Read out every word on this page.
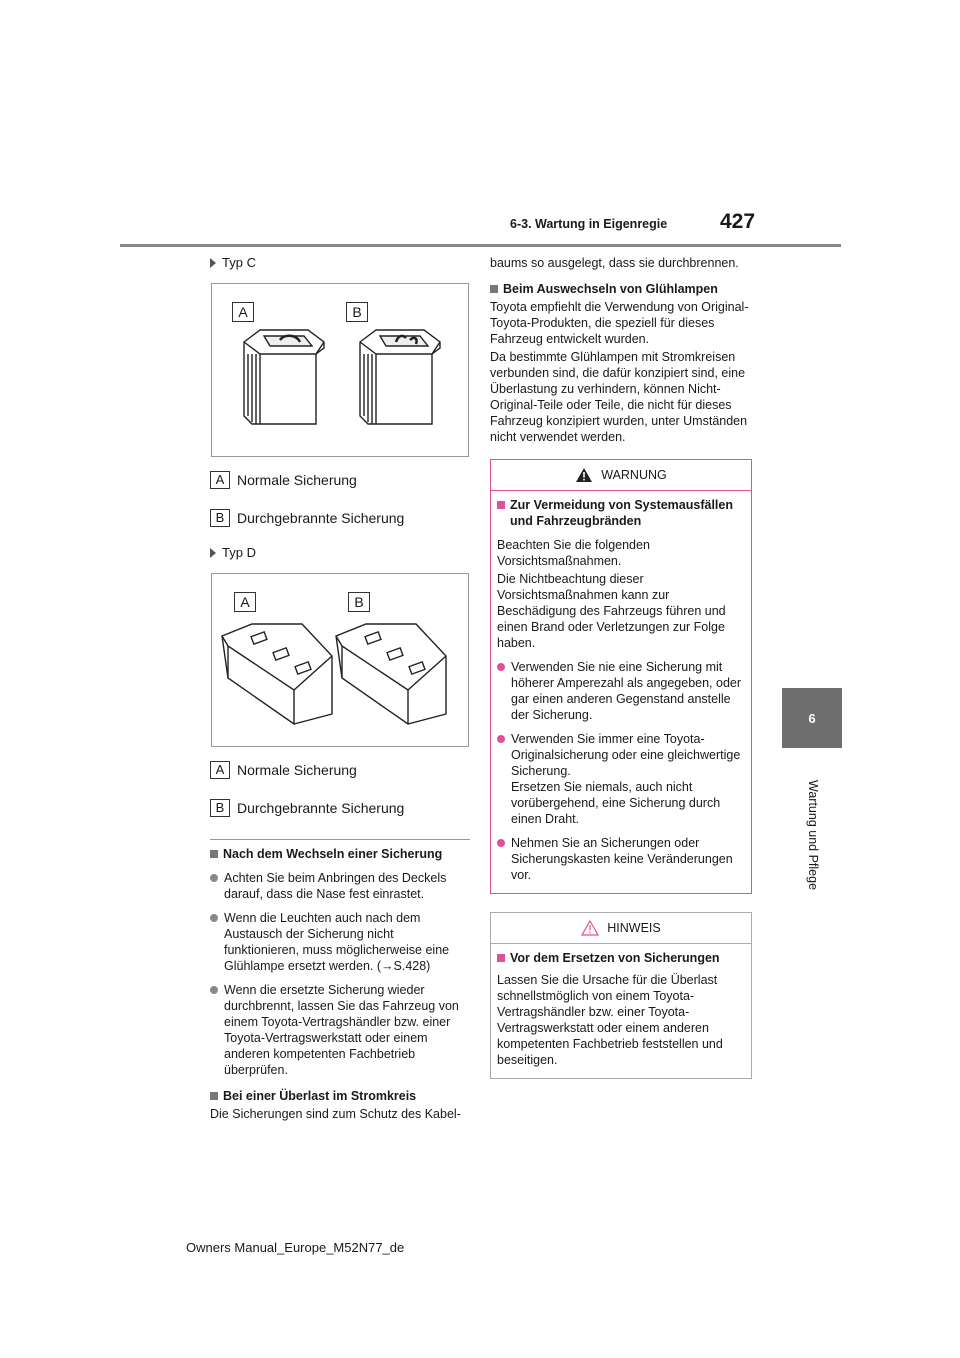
6-3. Wartung in Eigenregie	427
6
Wartung und Pflege
Typ C
A	B
A Normale Sicherung
B Durchgebrannte Sicherung
Typ D
A	B
A Normale Sicherung
B Durchgebrannte Sicherung
Nach dem Wechseln einer Sicherung
Achten Sie beim Anbringen des Deckels darauf, dass die Nase fest einrastet.
Wenn die Leuchten auch nach dem Austausch der Sicherung nicht funktionieren, muss möglicherweise eine Glühlampe ersetzt werden. (→S.428)
Wenn die ersetzte Sicherung wieder durchbrennt, lassen Sie das Fahrzeug von einem Toyota-Vertragshändler bzw. einer Toyota-Vertragswerkstatt oder einem anderen kompetenten Fachbetrieb überprüfen.
Bei einer Überlast im Stromkreis
Die Sicherungen sind zum Schutz des Kabel-
baums so ausgelegt, dass sie durchbrennen.
Beim Auswechseln von Glühlampen
Toyota empfiehlt die Verwendung von Original-Toyota-Produkten, die speziell für dieses Fahrzeug entwickelt wurden.
Da bestimmte Glühlampen mit Stromkreisen verbunden sind, die dafür konzipiert sind, eine Überlastung zu verhindern, können Nicht-Original-Teile oder Teile, die nicht für dieses Fahrzeug konzipiert wurden, unter Umständen nicht verwendet werden.
WARNUNG
Zur Vermeidung von Systemausfällen und Fahrzeugbränden
Beachten Sie die folgenden Vorsichtsmaßnahmen.
Die Nichtbeachtung dieser Vorsichtsmaßnahmen kann zur Beschädigung des Fahrzeugs führen und einen Brand oder Verletzungen zur Folge haben.
Verwenden Sie nie eine Sicherung mit höherer Amperezahl als angegeben, oder gar einen anderen Gegenstand anstelle der Sicherung.
Verwenden Sie immer eine Toyota-Originalsicherung oder eine gleichwertige Sicherung.
Ersetzen Sie niemals, auch nicht vorübergehend, eine Sicherung durch einen Draht.
Nehmen Sie an Sicherungen oder Sicherungskasten keine Veränderungen vor.
HINWEIS
Vor dem Ersetzen von Sicherungen
Lassen Sie die Ursache für die Überlast schnellstmöglich von einem Toyota-Vertragshändler bzw. einer Toyota-Vertragswerkstatt oder einem anderen kompetenten Fachbetrieb feststellen und beseitigen.
Owners Manual_Europe_M52N77_de
